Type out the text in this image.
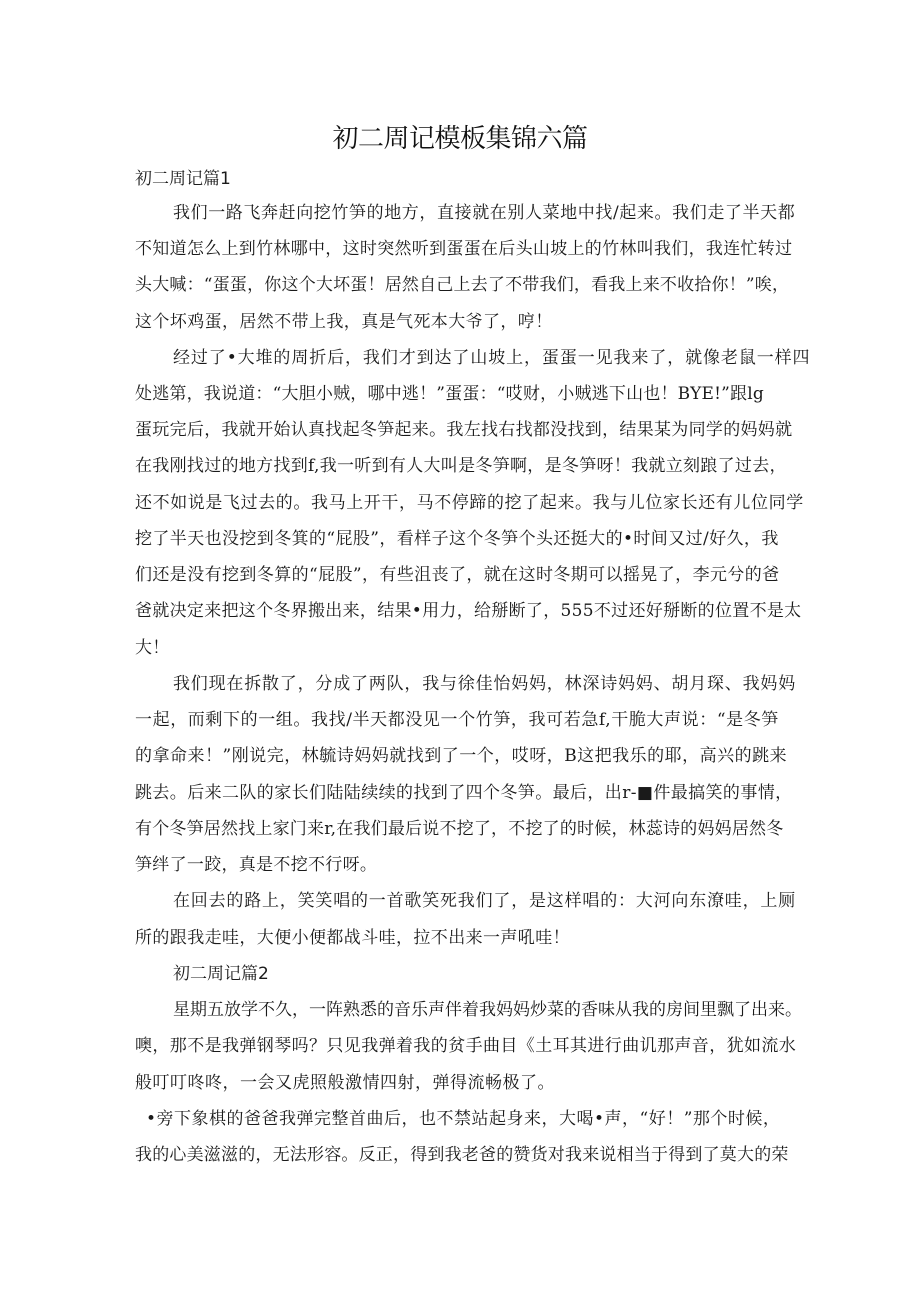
初二周记模板集锦六篇
初二周记篇1
我们一路飞奔赶向挖竹笋的地方，直接就在别人菜地中找/起来。我们走了半天都
不知道怎么上到竹林哪中，这时突然听到蛋蛋在后头山坡上的竹林叫我们，我连忙转过
头大喊：“蛋蛋，你这个大坏蛋！居然自己上去了不带我们，看我上来不收拾你！”唉，
这个坏鸡蛋，居然不带上我，真是气死本大爷了，哼！
经过了•大堆的周折后，我们才到达了山坡上，蛋蛋一见我来了，就像老鼠一样四
处逃第，我说道：“大胆小贼，哪中逃！”蛋蛋：“哎财，小贼逃下山也！BYE!”跟lg
蛋玩完后，我就开始认真找起冬笋起来。我左找右找都没找到，结果某为同学的妈妈就
在我刚找过的地方找到f,我一听到有人大叫是冬笋啊，是冬笋呀！我就立刻踉了过去，
还不如说是飞过去的。我马上开干，马不停蹄的挖了起来。我与儿位家长还有儿位同学
挖了半天也没挖到冬箕的“屁股”，看样子这个冬笋个头还挺大的•时间又过/好久，我
们还是没有挖到冬算的“屁股”，有些沮丧了，就在这时冬期可以摇晃了，李元兮的爸
爸就决定来把这个冬界搬出来，结果•用力，给掰断了，555不过还好掰断的位置不是太
大！
我们现在拆散了，分成了两队，我与徐佳怡妈妈，林深诗妈妈、胡月琛、我妈妈
一起，而剩下的一组。我找/半天都没见一个竹笋，我可若急f,干脆大声说：“是冬笋
的拿命来！”刚说完，林毓诗妈妈就找到了一个，哎呀，B这把我乐的耶，高兴的跳来
跳去。后来二队的家长们陆陆续续的找到了四个冬笋。最后，出r-■件最搞笑的事情，
有个冬笋居然找上家门来r,在我们最后说不挖了，不挖了的时候，林蕊诗的妈妈居然冬
笋绊了一跤，真是不挖不行呀。
在回去的路上，笑笑唱的一首歌笑死我们了，是这样唱的：大河向东潦哇，上厕
所的跟我走哇，大便小便都战斗哇，拉不出来一声吼哇！
初二周记篇2
星期五放学不久，一阵熟悉的音乐声伴着我妈妈炒菜的香味从我的房间里飘了出来。
噢，那不是我弹钢琴吗？只见我弹着我的贫手曲目《土耳其进行曲讥那声音，犹如流水
般叮叮咚咚，一会又虎照般激情四射，弹得流畅极了。
•旁下象棋的爸爸我弹完整首曲后，也不禁站起身来，大喝•声，“好！”那个时候，
我的心美滋滋的，无法形容。反正，得到我老爸的赞货对我来说相当于得到了莫大的荣
